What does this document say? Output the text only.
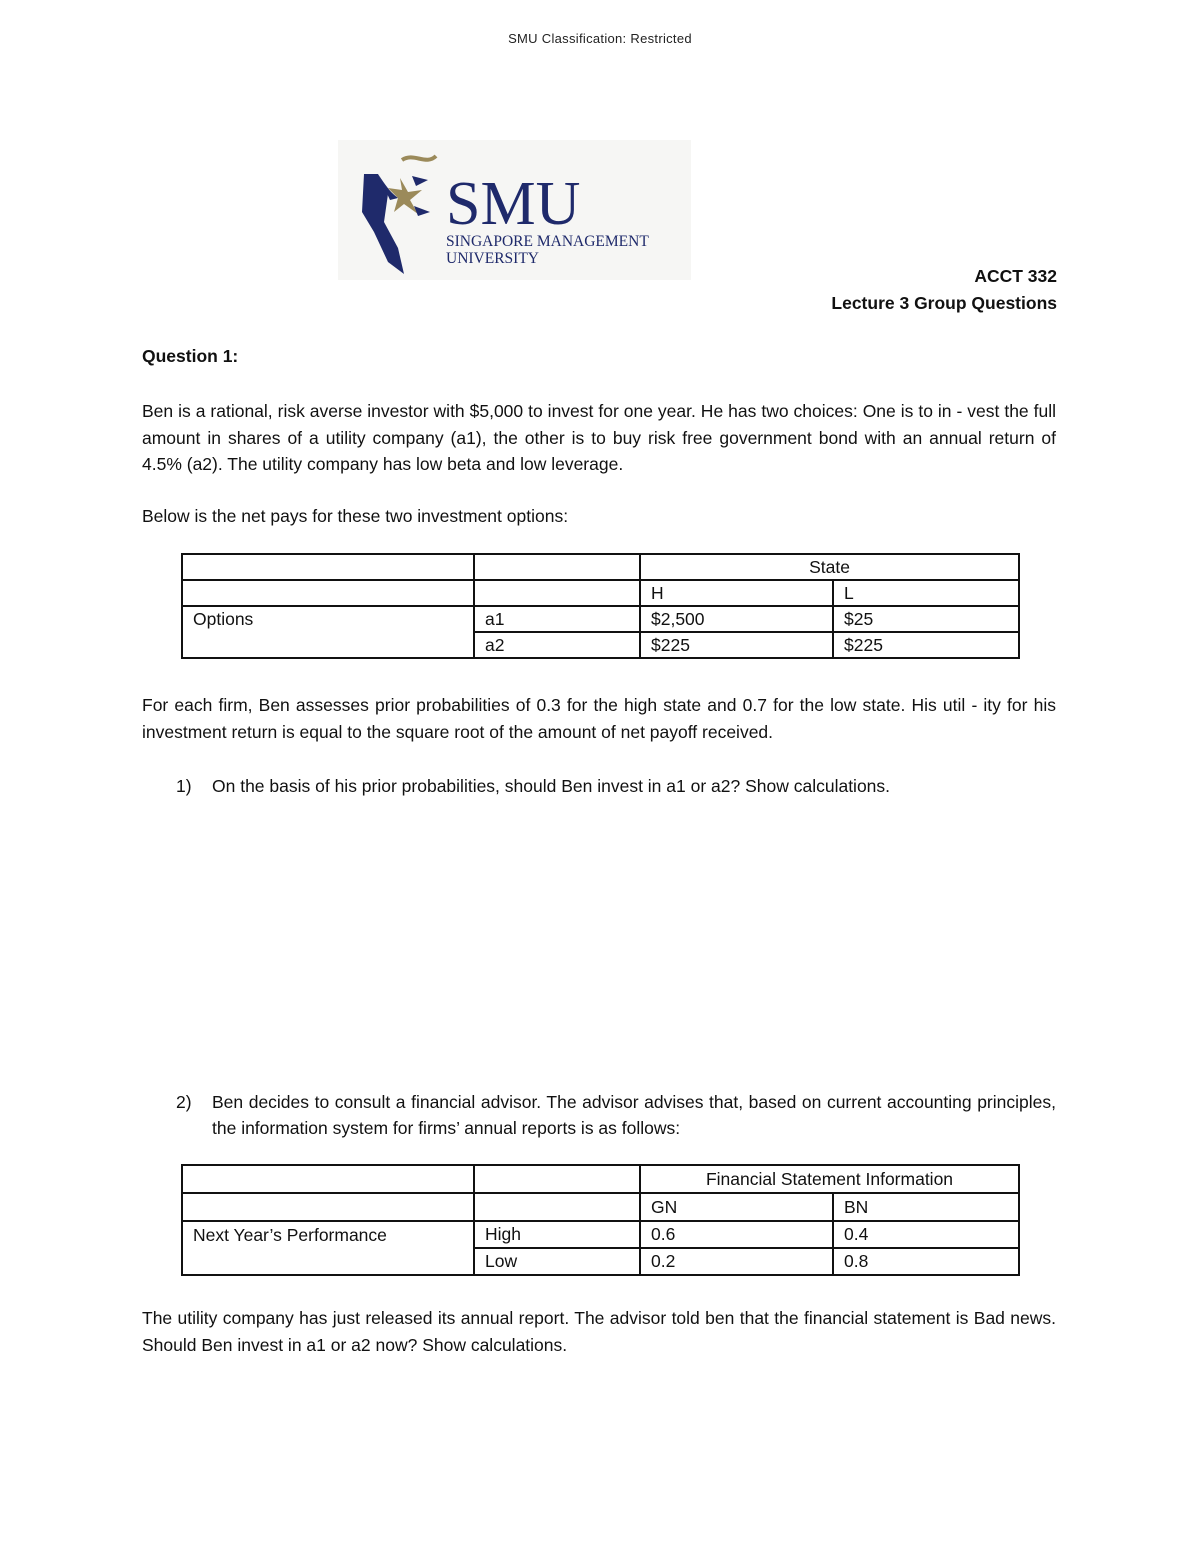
SMU Classification: Restricted
SMU
SINGAPORE MANAGEMENT
UNIVERSITY
ACCT 332
Lecture 3 Group Questions
Question 1:

Ben is a rational, risk averse investor with $5,000 to invest for one year. He has two choices: One is to in - vest the full amount in shares of a utility company (a1), the other is to buy risk free government bond with an annual return of 4.5% (a2). The utility company has low beta and low leverage.

Below is the net pays for these two investment options:

		State	
		H	L
Options	a1	$2,500	$25
	a2	$225	$225

For each firm, Ben assesses prior probabilities of 0.3 for the high state and 0.7 for the low state. His util - ity for his investment return is equal to the square root of the amount of net payoff received.

1) On the basis of his prior probabilities, should Ben invest in a1 or a2? Show calculations.
2) Ben decides to consult a financial advisor. The advisor advises that, based on current accounting principles, the information system for firms’ annual reports is as follows:
		Financial Statement Information	
		GN	BN
Next Year’s Performance	High	0.6	0.4
	Low	0.2	0.8

The utility company has just released its annual report. The advisor told ben that the financial statement is Bad news. Should Ben invest in a1 or a2 now? Show calculations.
